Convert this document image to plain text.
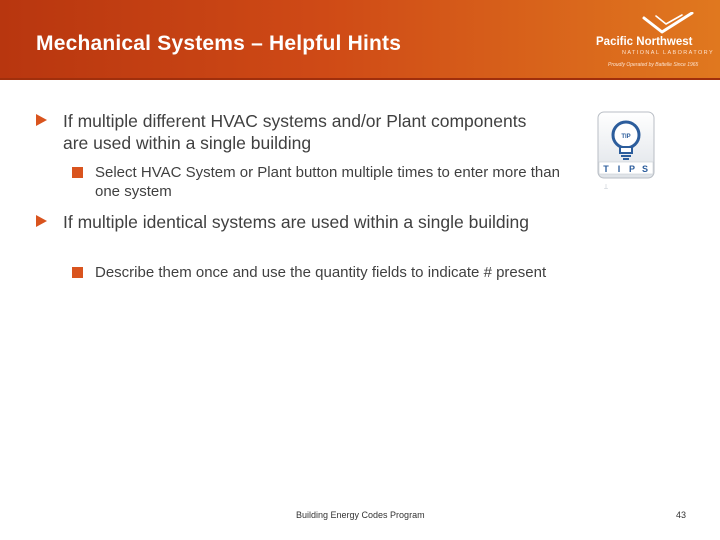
Mechanical Systems – Helpful Hints	Pacific Northwest
NATIONAL LABORATORY
Proudly Operated by Battelle Since 1965
If multiple different HVAC systems and/or Plant components are used within a single building
Select HVAC System or Plant button multiple times to enter more than one system
If multiple identical systems are used within a single building
Describe them once and use the quantity fields to indicate # present
TIP
T I P S
T
Building Energy Codes Program	43
